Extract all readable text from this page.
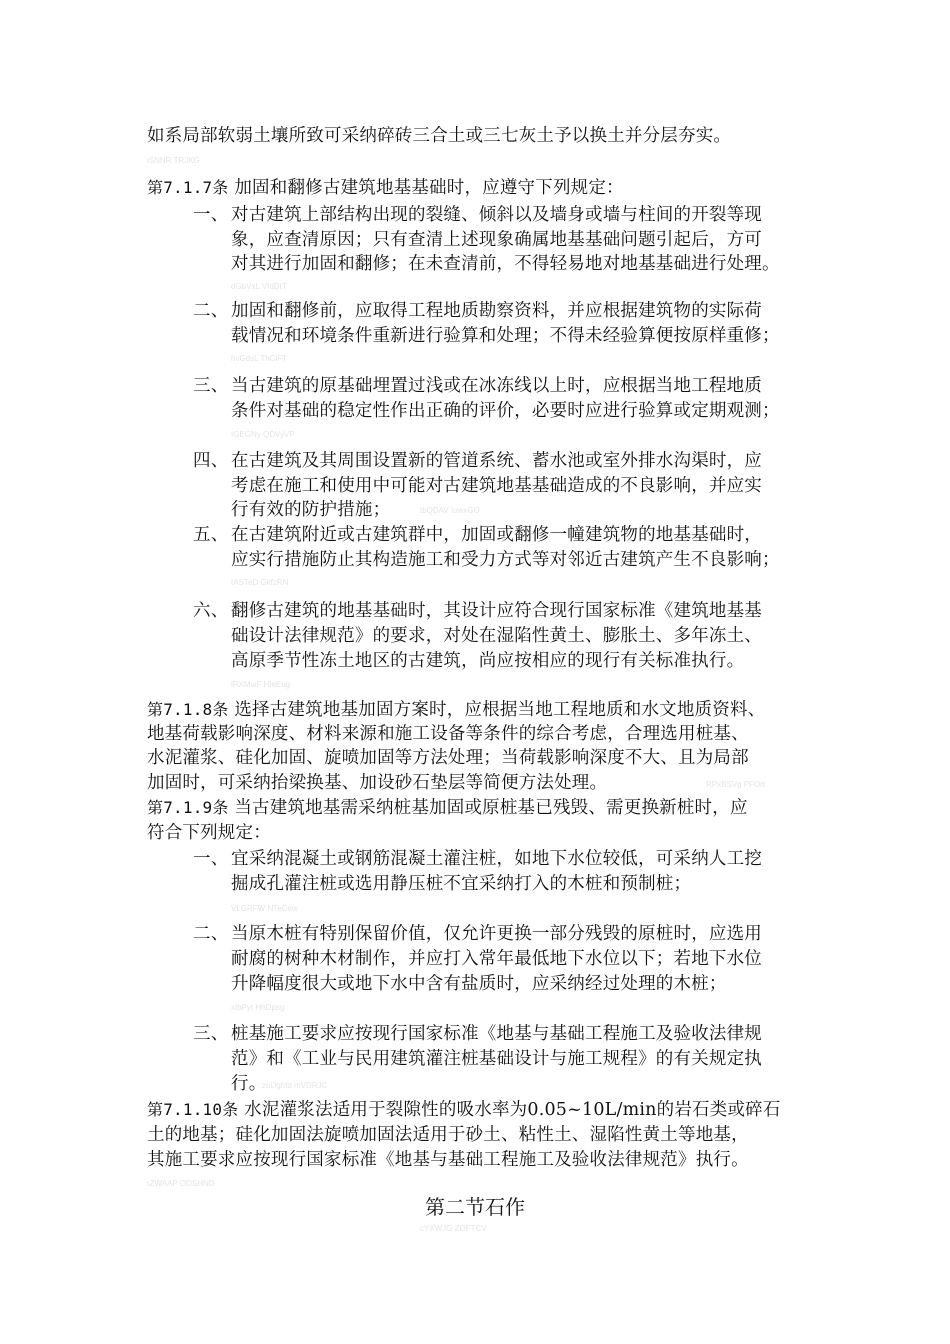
如系局部软弱土壤所致可采纳碎砖三合土或三七灰土予以换土并分层夯实。
r5NNR TRJKG
第7.1.7条 加固和翻修古建筑地基基础时，应遵守下列规定：
一、 对古建筑上部结构出现的裂缝、倾斜以及墙身或墙与柱间的开裂等现
象，应查清原因；只有查清上述现象确属地基基础问题引起后，方可
对其进行加固和翻修；在未查清前，不得轻易地对地基基础进行处理。
dGbVxL VIdDtT
二、 加固和翻修前，应取得工程地质勘察资料，并应根据建筑物的实际荷
载情况和环境条件重新进行验算和处理；不得未经验算便按原样重修；
hvGdsL ThCiFT
三、 当古建筑的原基础埋置过浅或在冰冻线以上时，应根据当地工程地质
条件对基础的稳定性作出正确的评价，必要时应进行验算或定期观测；
IGEGNy QDVyVP
四、 在古建筑及其周围设置新的管道系统、蓄水池或室外排水沟渠时，应
考虑在施工和使用中可能对古建筑地基基础造成的不良影响，并应实
行有效的防护措施；	tbQDAV IuwxGO
五、 在古建筑附近或古建筑群中，加固或翻修一幢建筑物的地基基础时，
应实行措施防止其构造施工和受力方式等对邻近古建筑产生不良影响；
tASTeD GkfzRN
六、 翻修古建筑的地基基础时，其设计应符合现行国家标准《建筑地基基
础设计法律规范》的要求，对处在湿陷性黄土、膨胀土、多年冻土、
高原季节性冻土地区的古建筑，尚应按相应的现行有关标准执行。
lRXMwF HIeEug
第7.1.8条 选择古建筑地基加固方案时，应根据当地工程地质和水文地质资料、
地基荷载影响深度、材料来源和施工设备等条件的综合考虑，合理选用桩基、
水泥灌浆、硅化加固、旋喷加固等方法处理；当荷载影响深度不大、且为局部
加固时，可采纳抬梁换基、加设砂石垫层等简便方法处理。	RPxBSVg PFOrt
第7.1.9条 当古建筑地基需采纳桩基加固或原桩基已残毁、需更换新桩时，应
符合下列规定：
一、 宜采纳混凝土或钢筋混凝土灌注桩，如地下水位较低，可采纳人工挖
掘成孔灌注桩或选用静压桩不宜采纳打入的木桩和预制桩；
VLGRFW NTeCew
二、 当原木桩有特别保留价值，仅允许更换一部分残毁的原桩时，应选用
耐腐的树种木材制作，并应打入常年最低地下水位以下；若地下水位
升降幅度很大或地下水中含有盐质时，应采纳经过处理的木桩；
xIbPyt HhDpsg
三、 桩基施工要求应按现行国家标准《地基与基础工程施工及验收法律规
范》和《工业与民用建筑灌注桩基础设计与施工规程》的有关规定执
行。
zuDghfd mVDRJC
第7.1.10条 水泥灌浆法适用于裂隙性的吸水率为0.05~10L/min的岩石类或碎石
土的地基；硅化加固法旋喷加固法适用于砂土、粘性土、湿陷性黄土等地基，
其施工要求应按现行国家标准《地基与基础工程施工及验收法律规范》执行。
rZWAAP ODSHND
第二节石作
cYXWJG ZOFTCV
